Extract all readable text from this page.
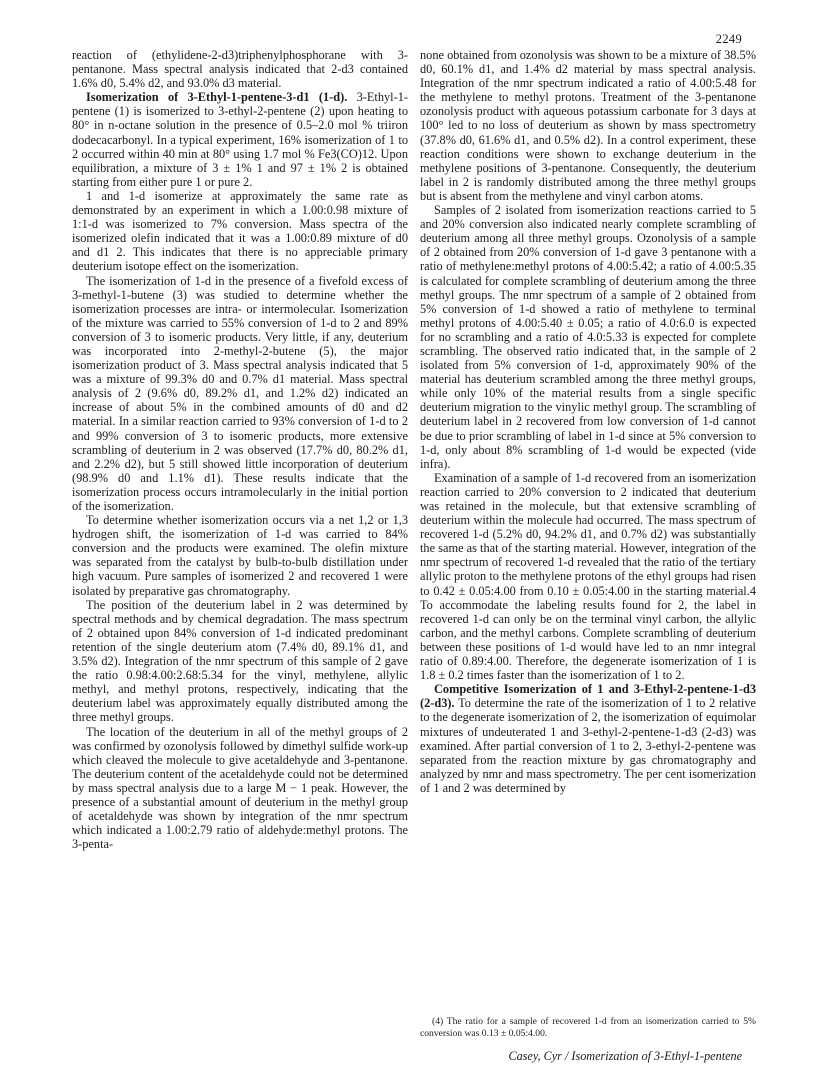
2249

reaction of (ethylidene-2-d3)triphenylphosphorane with 3-pentanone. Mass spectral analysis indicated that 2-d3 contained 1.6% d0, 5.4% d2, and 93.0% d3 material.

Isomerization of 3-Ethyl-1-pentene-3-d1 (1-d). 3-Ethyl-1-pentene (1) is isomerized to 3-ethyl-2-pentene (2) upon heating to 80° in n-octane solution in the presence of 0.5–2.0 mol % triiron dodecacarbonyl. In a typical experiment, 16% isomerization of 1 to 2 occurred within 40 min at 80° using 1.7 mol % Fe3(CO)12. Upon equilibration, a mixture of 3 ± 1% 1 and 97 ± 1% 2 is obtained starting from either pure 1 or pure 2.

1 and 1-d isomerize at approximately the same rate as demonstrated by an experiment in which a 1.00:0.98 mixture of 1:1-d was isomerized to 7% conversion. Mass spectra of the isomerized olefin indicated that it was a 1.00:0.89 mixture of d0 and d1 2. This indicates that there is no appreciable primary deuterium isotope effect on the isomerization.

The isomerization of 1-d in the presence of a fivefold excess of 3-methyl-1-butene (3) was studied to determine whether the isomerization processes are intra- or intermolecular. Isomerization of the mixture was carried to 55% conversion of 1-d to 2 and 89% conversion of 3 to isomeric products. Very little, if any, deuterium was incorporated into 2-methyl-2-butene (5), the major isomerization product of 3. Mass spectral analysis indicated that 5 was a mixture of 99.3% d0 and 0.7% d1 material. Mass spectral analysis of 2 (9.6% d0, 89.2% d1, and 1.2% d2) indicated an increase of about 5% in the combined amounts of d0 and d2 material. In a similar reaction carried to 93% conversion of 1-d to 2 and 99% conversion of 3 to isomeric products, more extensive scrambling of deuterium in 2 was observed (17.7% d0, 80.2% d1, and 2.2% d2), but 5 still showed little incorporation of deuterium (98.9% d0 and 1.1% d1). These results indicate that the isomerization process occurs intramolecularly in the initial portion of the isomerization.

To determine whether isomerization occurs via a net 1,2 or 1,3 hydrogen shift, the isomerization of 1-d was carried to 84% conversion and the products were examined. The olefin mixture was separated from the catalyst by bulb-to-bulb distillation under high vacuum. Pure samples of isomerized 2 and recovered 1 were isolated by preparative gas chromatography.

The position of the deuterium label in 2 was determined by spectral methods and by chemical degradation. The mass spectrum of 2 obtained upon 84% conversion of 1-d indicated predominant retention of the single deuterium atom (7.4% d0, 89.1% d1, and 3.5% d2). Integration of the nmr spectrum of this sample of 2 gave the ratio 0.98:4.00:2.68:5.34 for the vinyl, methylene, allylic methyl, and methyl protons, respectively, indicating that the deuterium label was approximately equally distributed among the three methyl groups.

The location of the deuterium in all of the methyl groups of 2 was confirmed by ozonolysis followed by dimethyl sulfide work-up which cleaved the molecule to give acetaldehyde and 3-pentanone. The deuterium content of the acetaldehyde could not be determined by mass spectral analysis due to a large M − 1 peak. However, the presence of a substantial amount of deuterium in the methyl group of acetaldehyde was shown by integration of the nmr spectrum which indicated a 1.00:2.79 ratio of aldehyde:methyl protons. The 3-penta-

none obtained from ozonolysis was shown to be a mixture of 38.5% d0, 60.1% d1, and 1.4% d2 material by mass spectral analysis. Integration of the nmr spectrum indicated a ratio of 4.00:5.48 for the methylene to methyl protons. Treatment of the 3-pentanone ozonolysis product with aqueous potassium carbonate for 3 days at 100° led to no loss of deuterium as shown by mass spectrometry (37.8% d0, 61.6% d1, and 0.5% d2). In a control experiment, these reaction conditions were shown to exchange deuterium in the methylene positions of 3-pentanone. Consequently, the deuterium label in 2 is randomly distributed among the three methyl groups but is absent from the methylene and vinyl carbon atoms.

Samples of 2 isolated from isomerization reactions carried to 5 and 20% conversion also indicated nearly complete scrambling of deuterium among all three methyl groups. Ozonolysis of a sample of 2 obtained from 20% conversion of 1-d gave 3 pentanone with a ratio of methylene:methyl protons of 4.00:5.42; a ratio of 4.00:5.35 is calculated for complete scrambling of deuterium among the three methyl groups. The nmr spectrum of a sample of 2 obtained from 5% conversion of 1-d showed a ratio of methylene to terminal methyl protons of 4.00:5.40 ± 0.05; a ratio of 4.0:6.0 is expected for no scrambling and a ratio of 4.0:5.33 is expected for complete scrambling. The observed ratio indicated that, in the sample of 2 isolated from 5% conversion of 1-d, approximately 90% of the material has deuterium scrambled among the three methyl groups, while only 10% of the material results from a single specific deuterium migration to the vinylic methyl group. The scrambling of deuterium label in 2 recovered from low conversion of 1-d cannot be due to prior scrambling of label in 1-d since at 5% conversion to 1-d, only about 8% scrambling of 1-d would be expected (vide infra).

Examination of a sample of 1-d recovered from an isomerization reaction carried to 20% conversion to 2 indicated that deuterium was retained in the molecule, but that extensive scrambling of deuterium within the molecule had occurred. The mass spectrum of recovered 1-d (5.2% d0, 94.2% d1, and 0.7% d2) was substantially the same as that of the starting material. However, integration of the nmr spectrum of recovered 1-d revealed that the ratio of the tertiary allylic proton to the methylene protons of the ethyl groups had risen to 0.42 ± 0.05:4.00 from 0.10 ± 0.05:4.00 in the starting material.4 To accommodate the labeling results found for 2, the label in recovered 1-d can only be on the terminal vinyl carbon, the allylic carbon, and the methyl carbons. Complete scrambling of deuterium between these positions of 1-d would have led to an nmr integral ratio of 0.89:4.00. Therefore, the degenerate isomerization of 1 is 1.8 ± 0.2 times faster than the isomerization of 1 to 2.

Competitive Isomerization of 1 and 3-Ethyl-2-pentene-1-d3 (2-d3). To determine the rate of the isomerization of 1 to 2 relative to the degenerate isomerization of 2, the isomerization of equimolar mixtures of undeuterated 1 and 3-ethyl-2-pentene-1-d3 (2-d3) was examined. After partial conversion of 1 to 2, 3-ethyl-2-pentene was separated from the reaction mixture by gas chromatography and analyzed by nmr and mass spectrometry. The per cent isomerization of 1 and 2 was determined by

(4) The ratio for a sample of recovered 1-d from an isomerization carried to 5% conversion was 0.13 ± 0.05:4.00.

Casey, Cyr / Isomerization of 3-Ethyl-1-pentene
